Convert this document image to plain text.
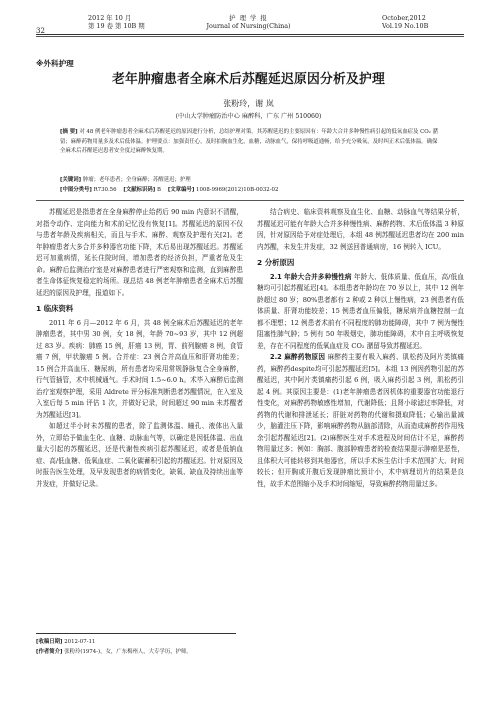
2012 年 10 月
第 19 卷 第 10B 期
32
护 理 学 报
Journal of Nursing(China)
October,2012
Vol.19 No.10B
※外科护理
老年肿瘤患者全麻术后苏醒延迟原因分析及护理
张粉玲，谢 岚
(中山大学肿瘤防治中心 麻醉科，广东 广州 510060)
[摘 要] 对 48 例老年肿瘤患者全麻术后苏醒延迟的原因进行分析，总结护理对策。其苏醒延迟的主要原因有：年龄大合并多种慢性病引起的低氧血症及 CO₂ 潴留；麻醉药物用量多及术后低体温。护理要点：加强责任心，及时拍胸血生化，血糖，动脉血气，保持呼吸道通畅，给予充分吸氧，及时纠正术后低体温，确保全麻术后苏醒延迟患者安全度过麻醉恢复期。
[关键词] 肿瘤；老年患者；全身麻醉；苏醒延迟；护理
[中图分类号] R730.56 [文献标识码] B [文章编号] 1008-9969(2012)10B-0032-02

苏醒延迟是指患者在全身麻醉停止给药后 90 min 内意识不清醒，对指令动作、定向能力和术前记忆没有恢复[1]。苏醒延迟的原因不仅与患者年龄及疾病相关，而且与手术、麻醉、观察及护理有关[2]。老年肿瘤患者大多合并多种器官功能下降，术后易出现苏醒延迟。苏醒延迟可加重病情，延长住院时间，增加患者的经济负担，严重者危及生命。麻醉后监测治疗室是对麻醉患者进行严密观察和监测，直到麻醉患者生命体征恢复稳定的场所。现总结 48 例老年肿瘤患者全麻术后苏醒延迟的原因及护理，报道如下。

1 临床资料

2011 年 6 月—2012 年 6 月，共 48 例全麻术后苏醒延迟的老年肿瘤患者，其中男 30 例，女 18 例，年龄 70~93 岁，其中 12 例超过 83 岁。疾病：肺癌 15 例，肝癌 13 例，胃、前列腺癌 8 例，食管癌 7 例，甲状腺癌 5 例。合并症：23 例合并高血压和肝肾功能差；15 例合并高血压、糖尿病，所有患者均采用常规静脉复合全身麻醉，行气管插管，术中机械通气。手术时间 1.5~6.0 h。术毕入麻醉后监测治疗室观察护理，采用 Aldrete 评分标准判断患者苏醒情况，在入室及入室后每 5 min 评估 1 次，并做好记录，时间超过 90 min 未苏醒者为苏醒延迟[3]。

如超过半小时未苏醒的患者，除了监测体温、瞳孔、液体出入量外，立即给予做血生化、血糖、动脉血气等，以确定是因低体温、出血量大引起的苏醒延迟，还是代谢性疾病引起苏醒延迟，或者是低钠血症、高/低血糖、低氧血症、二氧化碳蓄积引起的苏醒延迟。针对原因及时报告医生处理，及早发现患者的病情变化，缺氧、缺血及持续出血等并发症，并做好记录。

结合病史、临床资料观察及血生化、血糖、动脉血气等结果分析，苏醒延迟可能有年龄大合并多种慢性病、麻醉药物、术后低体温 3 种原因，针对原因给予对症处理后，本组 48 例苏醒延迟患者均在 200 min 内苏醒，未发生并发症，32 例送回普通病房，16 例转入 ICU。

2 分析原因

2.1 年龄大合并多种慢性病 年龄大、低体质量、低血压，高/低血糖均可引起苏醒延迟[4]。本组患者年龄均在 70 岁以上，其中 12 例年龄超过 80 岁；80%患者都有 2 种或 2 种以上慢性病，23 例患者有低体质量、肝肾功能较差；15 例患者血压偏低，糖尿病并血糖控制一直都不理想；12 例患者术前有不同程度的肺功能障碍，其中 7 例为慢性阻塞性肺气肿；5 例有 50 年吸烟史，肺功能障碍，术中自主呼吸恢复差，存在不同程度的低氧血症及 CO₂ 潴留导致苏醒延迟。

2.2 麻醉药物原因 麻醉药主要有吸入麻药、肌松药及阿片类镇痛药，麻醉药despite均可引起苏醒延迟[5]。本组 13 例因药物引起的苏醒延迟，其中阿片类镇痛药引起 6 例，吸入麻药引起 3 例，肌松药引起 4 例。其原因主要是：(1)老年肿瘤患者因机体的重要器官功能退行性变化，对麻醉药物敏感性增加，代谢降低；且肾小球滤过率降低，对药物的代谢和排泄延长；肝脏对药物的代谢和摄取降低；心输出量减少，脑灌注压下降，影响麻醉药物从脑部清除，从而造成麻醉药作用残余引起苏醒延迟[2]。(2)麻醉医生对手术进程及时间估计不足，麻醉药物用量过多；例如：胸部、腹部肿瘤患者的检查结果提示肿瘤是恶性，且体积大可能转移到其他器官，所以手术医生估计手术范围扩大、时间较长；但开胸或开腹后发现肿瘤比预计小，术中病理切片的结果是良性，故手术范围缩小及手术时间缩短，导致麻醉药物用量过多。

[收稿日期] 2012-07-11
[作者简介] 张粉玲(1974-)，女，广东梅州人，大专学历，护师。
